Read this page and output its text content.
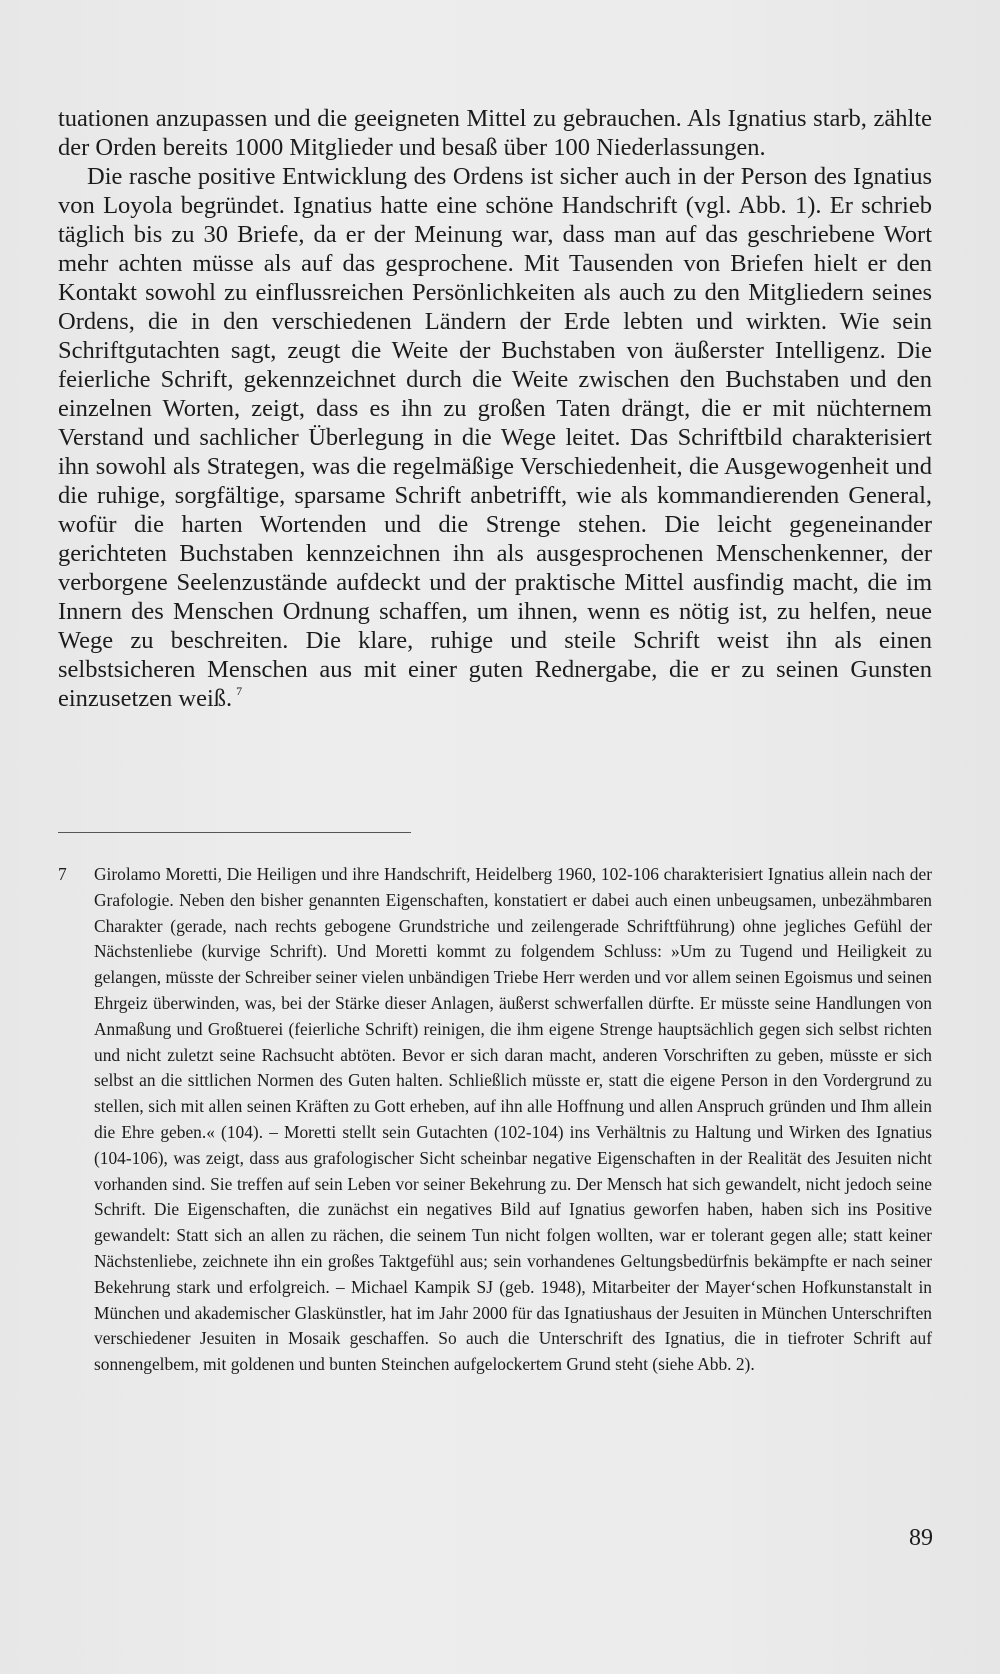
tuationen anzupassen und die geeigneten Mittel zu gebrauchen. Als Ignatius starb, zählte der Orden bereits 1000 Mitglieder und besaß über 100 Niederlassungen.

Die rasche positive Entwicklung des Ordens ist sicher auch in der Person des Ignatius von Loyola begründet. Ignatius hatte eine schöne Handschrift (vgl. Abb. 1). Er schrieb täglich bis zu 30 Briefe, da er der Meinung war, dass man auf das geschriebene Wort mehr achten müsse als auf das gesprochene. Mit Tausenden von Briefen hielt er den Kontakt sowohl zu einflussreichen Persönlichkeiten als auch zu den Mitgliedern seines Ordens, die in den verschiedenen Ländern der Erde lebten und wirkten. Wie sein Schriftgutachten sagt, zeugt die Weite der Buchstaben von äußerster Intelligenz. Die feierliche Schrift, gekennzeichnet durch die Weite zwischen den Buchstaben und den einzelnen Worten, zeigt, dass es ihn zu großen Taten drängt, die er mit nüchternem Verstand und sachlicher Überlegung in die Wege leitet. Das Schriftbild charakterisiert ihn sowohl als Strategen, was die regelmäßige Verschiedenheit, die Ausgewogenheit und die ruhige, sorgfältige, sparsame Schrift anbetrifft, wie als kommandierenden General, wofür die harten Wortenden und die Strenge stehen. Die leicht gegeneinander gerichteten Buchstaben kennzeichnen ihn als ausgesprochenen Menschenkenner, der verborgene Seelenzustände aufdeckt und der praktische Mittel ausfindig macht, die im Innern des Menschen Ordnung schaffen, um ihnen, wenn es nötig ist, zu helfen, neue Wege zu beschreiten. Die klare, ruhige und steile Schrift weist ihn als einen selbstsicheren Menschen aus mit einer guten Rednergabe, die er zu seinen Gunsten einzusetzen weiß. $^7$

7	Girolamo Moretti, Die Heiligen und ihre Handschrift, Heidelberg 1960, 102-106 charakterisiert Ignatius allein nach der Grafologie. Neben den bisher genannten Eigenschaften, konstatiert er dabei auch einen unbeugsamen, unbezähmbaren Charakter (gerade, nach rechts gebogene Grundstriche und zeilengerade Schriftführung) ohne jegliches Gefühl der Nächstenliebe (kurvige Schrift). Und Moretti kommt zu folgendem Schluss: »Um zu Tugend und Heiligkeit zu gelangen, müsste der Schreiber seiner vielen unbändigen Triebe Herr werden und vor allem seinen Egoismus und seinen Ehrgeiz überwinden, was, bei der Stärke dieser Anlagen, äußerst schwerfallen dürfte. Er müsste seine Handlungen von Anmaßung und Großtuerei (feierliche Schrift) reinigen, die ihm eigene Strenge hauptsächlich gegen sich selbst richten und nicht zuletzt seine Rachsucht abtöten. Bevor er sich daran macht, anderen Vorschriften zu geben, müsste er sich selbst an die sittlichen Normen des Guten halten. Schließlich müsste er, statt die eigene Person in den Vordergrund zu stellen, sich mit allen seinen Kräften zu Gott erheben, auf ihn alle Hoffnung und allen Anspruch gründen und Ihm allein die Ehre geben.« (104). – Moretti stellt sein Gutachten (102-104) ins Verhältnis zu Haltung und Wirken des Ignatius (104-106), was zeigt, dass aus grafologischer Sicht scheinbar negative Eigenschaften in der Realität des Jesuiten nicht vorhanden sind. Sie treffen auf sein Leben vor seiner Bekehrung zu. Der Mensch hat sich gewandelt, nicht jedoch seine Schrift. Die Eigenschaften, die zunächst ein negatives Bild auf Ignatius geworfen haben, haben sich ins Positive gewandelt: Statt sich an allen zu rächen, die seinem Tun nicht folgen wollten, war er tolerant gegen alle; statt keiner Nächstenliebe, zeichnete ihn ein großes Taktgefühl aus; sein vorhandenes Geltungsbedürfnis bekämpfte er nach seiner Bekehrung stark und erfolgreich. – Michael Kampik SJ (geb. 1948), Mitarbeiter der Mayer‘schen Hofkunstanstalt in München und akademischer Glaskünstler, hat im Jahr 2000 für das Ignatiushaus der Jesuiten in München Unterschriften verschiedener Jesuiten in Mosaik geschaffen. So auch die Unterschrift des Ignatius, die in tiefroter Schrift auf sonnengelbem, mit goldenen und bunten Steinchen aufgelockertem Grund steht (siehe Abb. 2).
89
